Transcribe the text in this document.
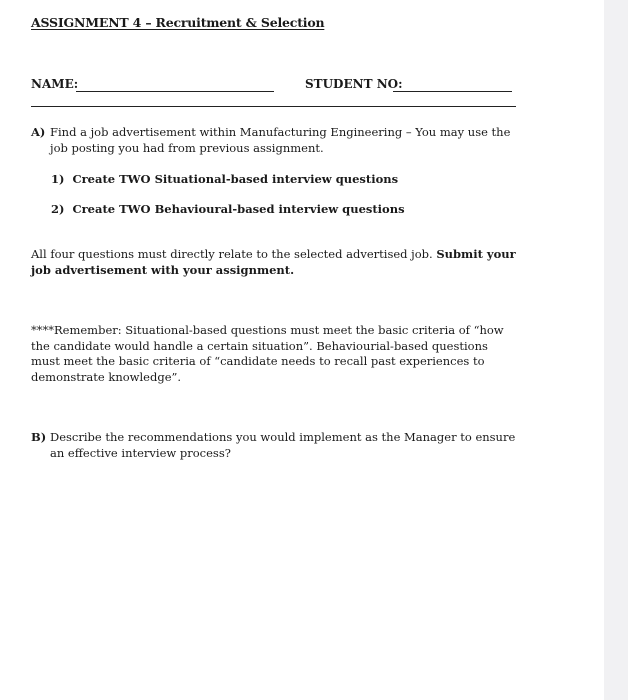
ASSIGNMENT 4 – Recruitment & Selection
NAME:	STUDENT NO:
A) Find a job advertisement within Manufacturing Engineering – You may use the job posting you had from previous assignment.
1) Create TWO Situational-based interview questions
2) Create TWO Behavioural-based interview questions
All four questions must directly relate to the selected advertised job. Submit your job advertisement with your assignment.
****Remember: Situational-based questions must meet the basic criteria of “how the candidate would handle a certain situation”. Behaviourial-based questions must meet the basic criteria of “candidate needs to recall past experiences to demonstrate knowledge”.
B) Describe the recommendations you would implement as the Manager to ensure an effective interview process?
